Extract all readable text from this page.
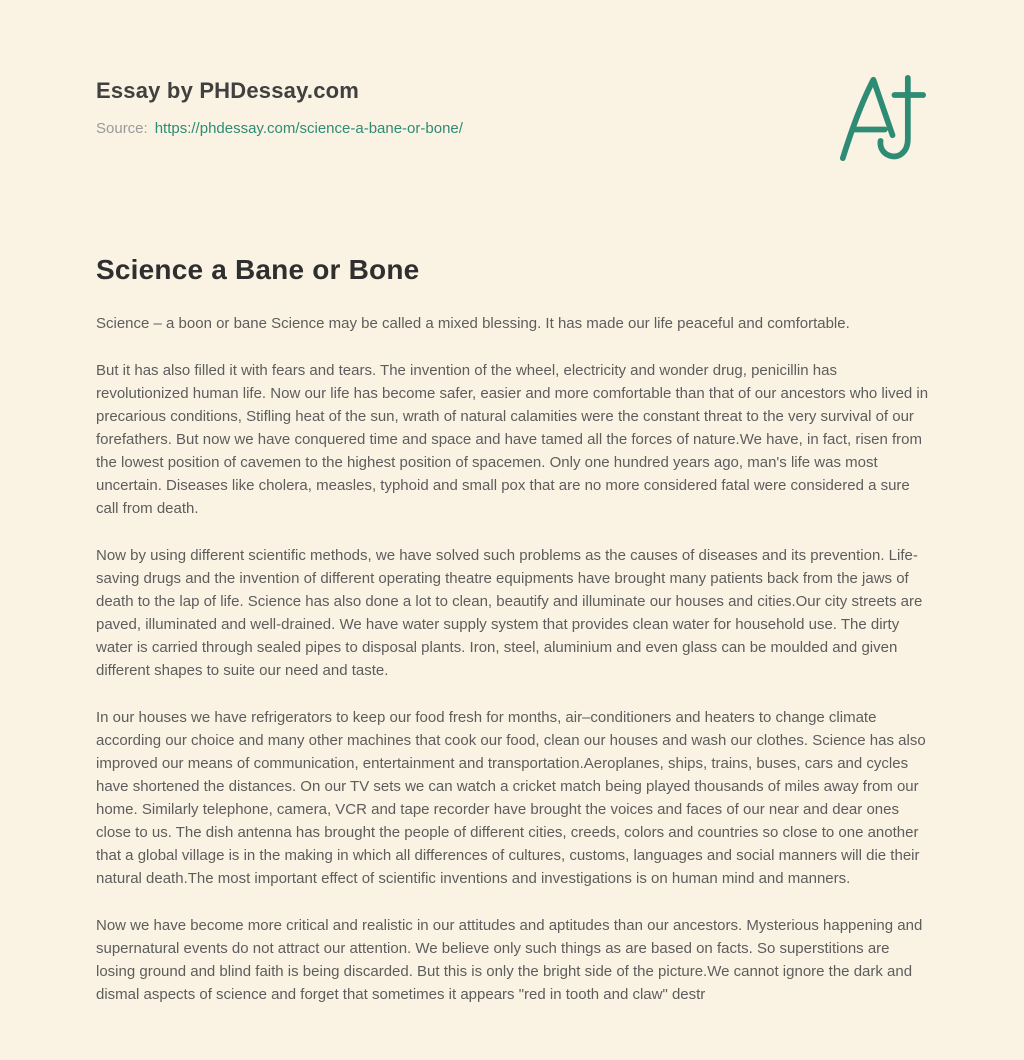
Essay by PHDessay.com
Source: https://phdessay.com/science-a-bane-or-bone/
Science a Bane or Bone

Science – a boon or bane Science may be called a mixed blessing. It has made our life peaceful and comfortable.

But it has also filled it with fears and tears. The invention of the wheel, electricity and wonder drug, penicillin has revolutionized human life. Now our life has become safer, easier and more comfortable than that of our ancestors who lived in precarious conditions, Stifling heat of the sun, wrath of natural calamities were the constant threat to the very survival of our forefathers. But now we have conquered time and space and have tamed all the forces of nature.We have, in fact, risen from the lowest position of cavemen to the highest position of spacemen. Only one hundred years ago, man's life was most uncertain. Diseases like cholera, measles, typhoid and small pox that are no more considered fatal were considered a sure call from death.

Now by using different scientific methods, we have solved such problems as the causes of diseases and its prevention. Life-saving drugs and the invention of different operating theatre equipments have brought many patients back from the jaws of death to the lap of life. Science has also done a lot to clean, beautify and illuminate our houses and cities.Our city streets are paved, illuminated and well-drained. We have water supply system that provides clean water for household use. The dirty water is carried through sealed pipes to disposal plants. Iron, steel, aluminium and even glass can be moulded and given different shapes to suite our need and taste.

In our houses we have refrigerators to keep our food fresh for months, air–conditioners and heaters to change climate according our choice and many other machines that cook our food, clean our houses and wash our clothes. Science has also improved our means of communication, entertainment and transportation.Aeroplanes, ships, trains, buses, cars and cycles have shortened the distances. On our TV sets we can watch a cricket match being played thousands of miles away from our home. Similarly telephone, camera, VCR and tape recorder have brought the voices and faces of our near and dear ones close to us. The dish antenna has brought the people of different cities, creeds, colors and countries so close to one another that a global village is in the making in which all differences of cultures, customs, languages and social manners will die their natural death.The most important effect of scientific inventions and investigations is on human mind and manners.

Now we have become more critical and realistic in our attitudes and aptitudes than our ancestors. Mysterious happening and supernatural events do not attract our attention. We believe only such things as are based on facts. So superstitions are losing ground and blind faith is being discarded. But this is only the bright side of the picture.We cannot ignore the dark and dismal aspects of science and forget that sometimes it appears "red in tooth and claw" destr
